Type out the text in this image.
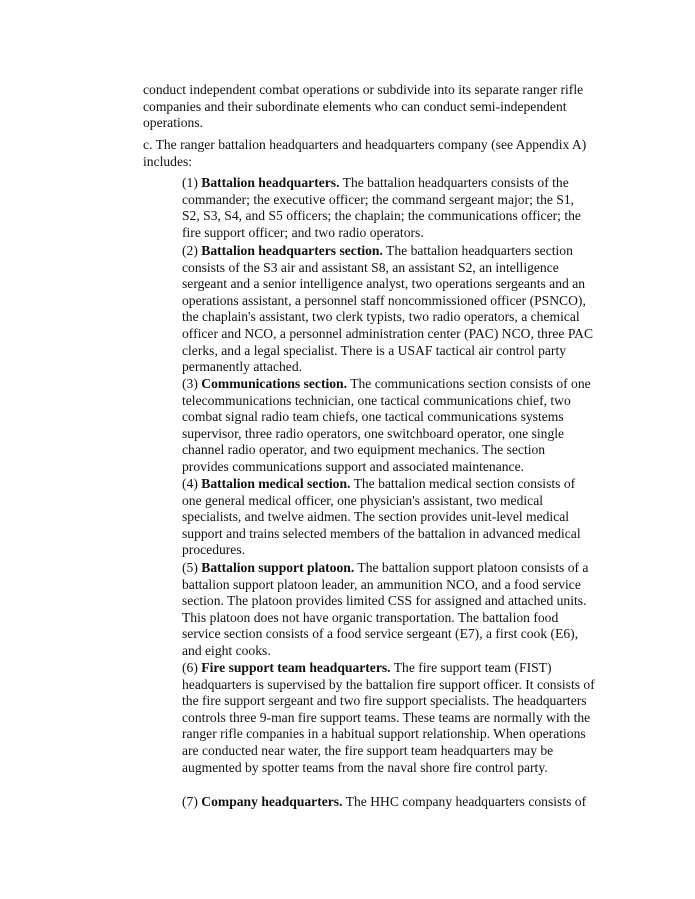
conduct independent combat operations or subdivide into its separate ranger rifle companies and their subordinate elements who can conduct semi-independent operations.

c. The ranger battalion headquarters and headquarters company (see Appendix A) includes:

(1) Battalion headquarters. The battalion headquarters consists of the commander; the executive officer; the command sergeant major; the S1, S2, S3, S4, and S5 officers; the chaplain; the communications officer; the fire support officer; and two radio operators.

(2) Battalion headquarters section. The battalion headquarters section consists of the S3 air and assistant S8, an assistant S2, an intelligence sergeant and a senior intelligence analyst, two operations sergeants and an operations assistant, a personnel staff noncommissioned officer (PSNCO), the chaplain's assistant, two clerk typists, two radio operators, a chemical officer and NCO, a personnel administration center (PAC) NCO, three PAC clerks, and a legal specialist. There is a USAF tactical air control party permanently attached.

(3) Communications section. The communications section consists of one telecommunications technician, one tactical communications chief, two combat signal radio team chiefs, one tactical communications systems supervisor, three radio operators, one switchboard operator, one single channel radio operator, and two equipment mechanics. The section provides communications support and associated maintenance.

(4) Battalion medical section. The battalion medical section consists of one general medical officer, one physician's assistant, two medical specialists, and twelve aidmen. The section provides unit-level medical support and trains selected members of the battalion in advanced medical procedures.

(5) Battalion support platoon. The battalion support platoon consists of a battalion support platoon leader, an ammunition NCO, and a food service section. The platoon provides limited CSS for assigned and attached units. This platoon does not have organic transportation. The battalion food service section consists of a food service sergeant (E7), a first cook (E6), and eight cooks.

(6) Fire support team headquarters. The fire support team (FIST) headquarters is supervised by the battalion fire support officer. It consists of the fire support sergeant and two fire support specialists. The headquarters controls three 9-man fire support teams. These teams are normally with the ranger rifle companies in a habitual support relationship. When operations are conducted near water, the fire support team headquarters may be augmented by spotter teams from the naval shore fire control party.

(7) Company headquarters. The HHC company headquarters consists of
